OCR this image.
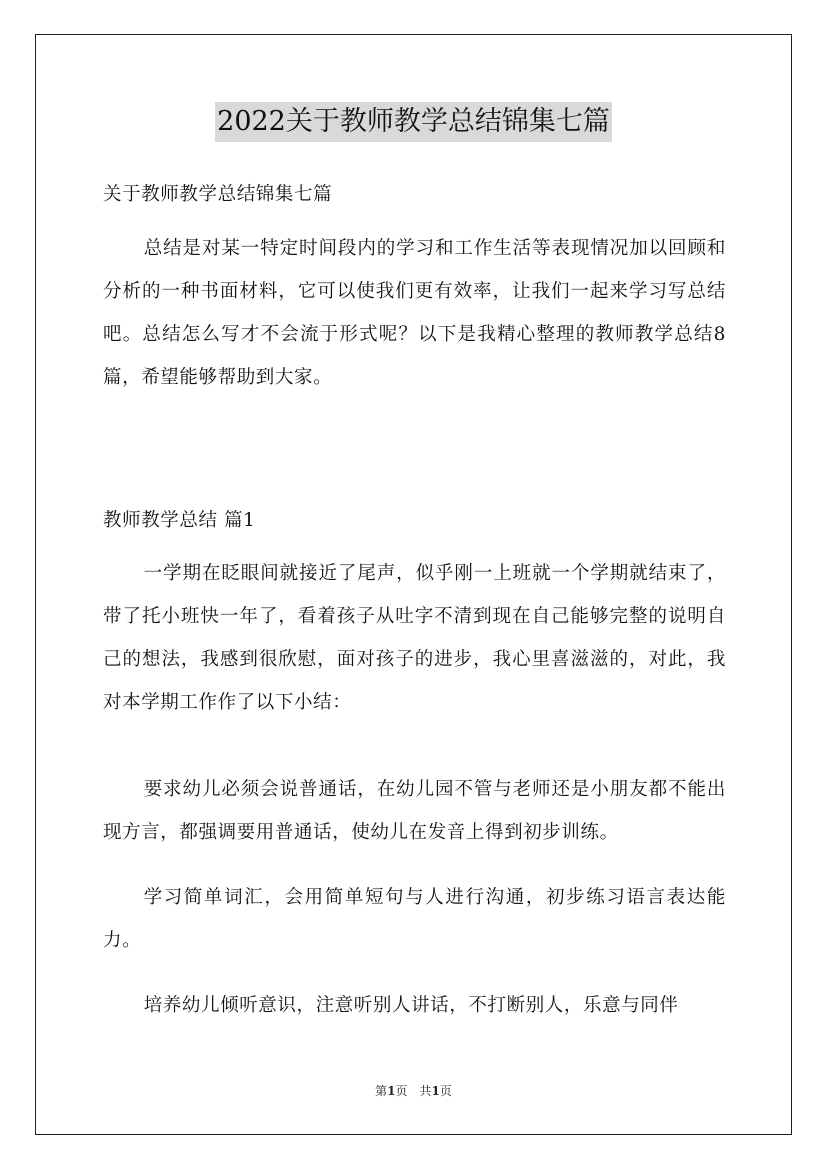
2022关于教师教学总结锦集七篇
关于教师教学总结锦集七篇
总结是对某一特定时间段内的学习和工作生活等表现情况加以回顾和分析的一种书面材料，它可以使我们更有效率，让我们一起来学习写总结吧。总结怎么写才不会流于形式呢？以下是我精心整理的教师教学总结8篇，希望能够帮助到大家。
教师教学总结 篇1
一学期在眨眼间就接近了尾声，似乎刚一上班就一个学期就结束了，带了托小班快一年了，看着孩子从吐字不清到现在自己能够完整的说明自己的想法，我感到很欣慰，面对孩子的进步，我心里喜滋滋的，对此，我对本学期工作作了以下小结：
要求幼儿必须会说普通话，在幼儿园不管与老师还是小朋友都不能出现方言，都强调要用普通话，使幼儿在发音上得到初步训练。
学习简单词汇，会用简单短句与人进行沟通，初步练习语言表达能力。
培养幼儿倾听意识，注意听别人讲话，不打断别人，乐意与同伴
第1页　共1页
